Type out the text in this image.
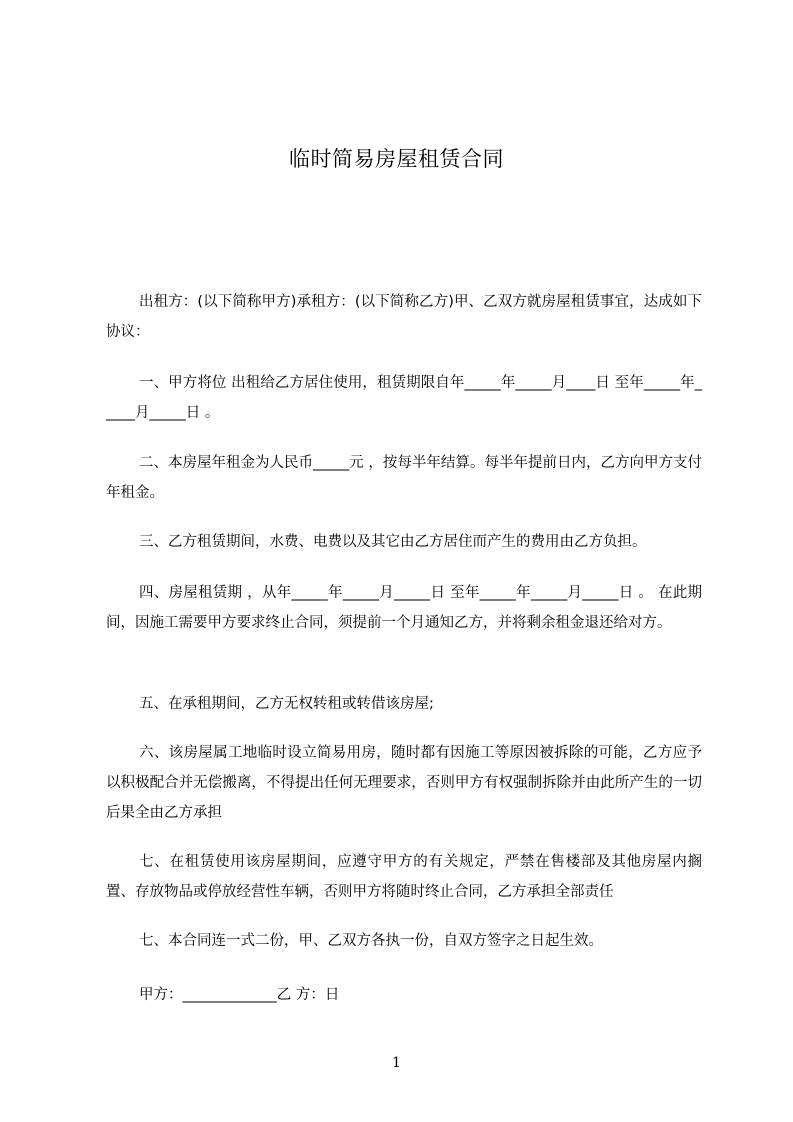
临时简易房屋租赁合同
出租方：(以下简称甲方)承租方：(以下简称乙方)甲、乙双方就房屋租赁事宜，达成如下协议：
一、甲方将位 出租给乙方居住使用，租赁期限自年_____年_____月____日 至年_____年_____月_____日 。
二、本房屋年租金为人民币_____元 ，按每半年结算。每半年提前日内，乙方向甲方支付年租金。
三、乙方租赁期间，水费、电费以及其它由乙方居住而产生的费用由乙方负担。
四、房屋租赁期 ，从年_____年_____月_____日 至年_____年_____月_____日 。 在此期间，因施工需要甲方要求终止合同，须提前一个月通知乙方，并将剩余租金退还给对方。
五、在承租期间，乙方无权转租或转借该房屋;
六、该房屋属工地临时设立简易用房，随时都有因施工等原因被拆除的可能，乙方应予以积极配合并无偿搬离，不得提出任何无理要求，否则甲方有权强制拆除并由此所产生的一切后果全由乙方承担
七、在租赁使用该房屋期间，应遵守甲方的有关规定，严禁在售楼部及其他房屋内搁置、存放物品或停放经营性车辆，否则甲方将随时终止合同，乙方承担全部责任
七、本合同连一式二份，甲、乙双方各执一份，自双方签字之日起生效。
甲方：_____________乙 方：日
1
